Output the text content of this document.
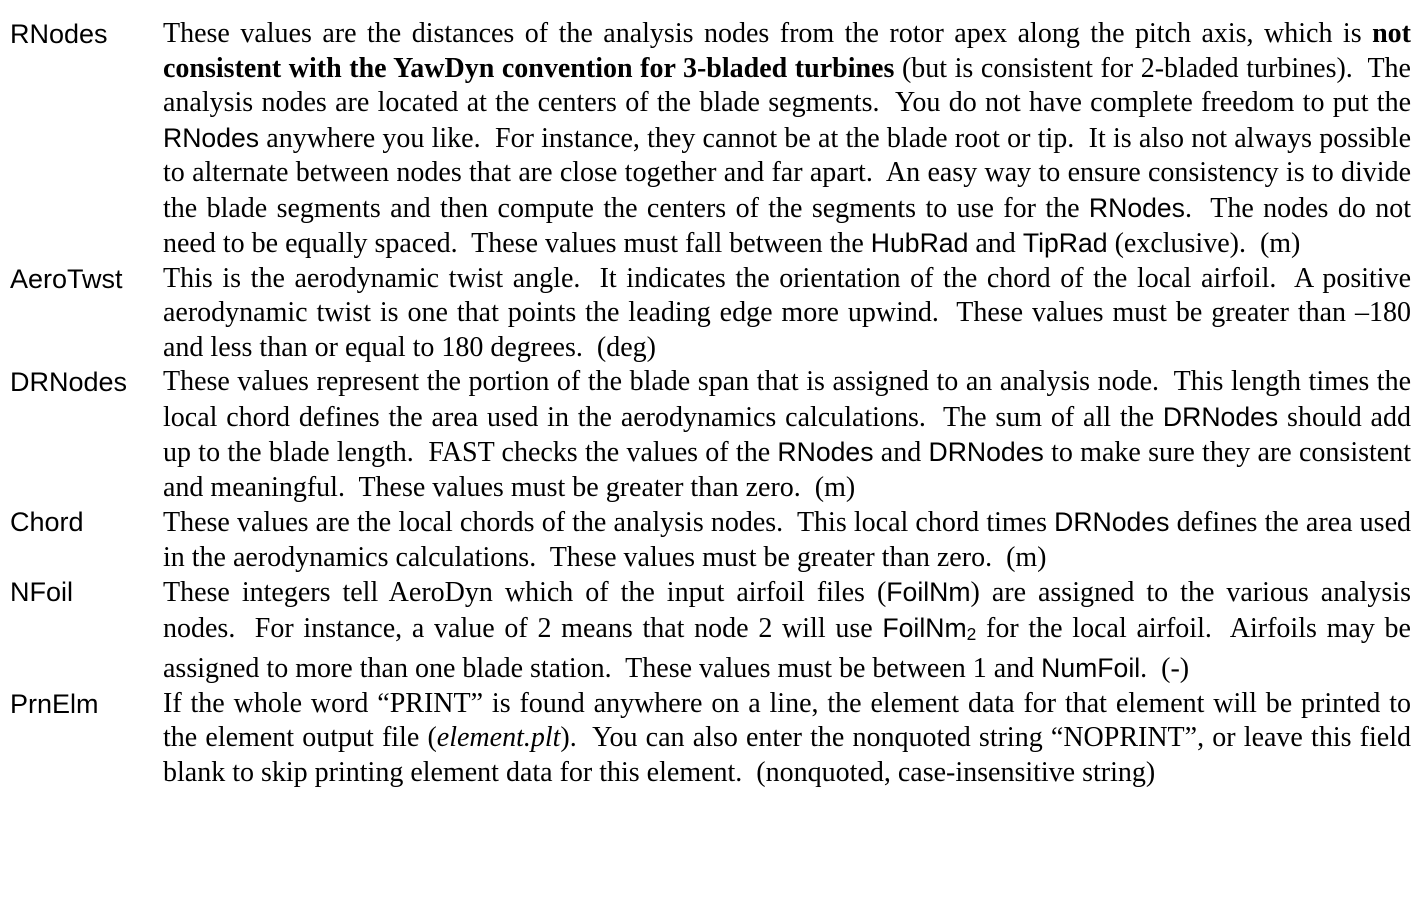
RNodes	These values are the distances of the analysis nodes from the rotor apex along the pitch axis, which is not consistent with the YawDyn convention for 3-bladed turbines (but is consistent for 2-bladed turbines).  The analysis nodes are located at the centers of the blade segments.  You do not have complete freedom to put the RNodes anywhere you like.  For instance, they cannot be at the blade root or tip.  It is also not always possible to alternate between nodes that are close together and far apart.  An easy way to ensure consistency is to divide the blade segments and then compute the centers of the segments to use for the RNodes.  The nodes do not need to be equally spaced.  These values must fall between the HubRad and TipRad (exclusive).  (m)
AeroTwst	This is the aerodynamic twist angle.  It indicates the orientation of the chord of the local airfoil.  A positive aerodynamic twist is one that points the leading edge more upwind.  These values must be greater than –180 and less than or equal to 180 degrees.  (deg)
DRNodes	These values represent the portion of the blade span that is assigned to an analysis node.  This length times the local chord defines the area used in the aerodynamics calculations.  The sum of all the DRNodes should add up to the blade length.  FAST checks the values of the RNodes and DRNodes to make sure they are consistent and meaningful.  These values must be greater than zero.  (m)
Chord	These values are the local chords of the analysis nodes.  This local chord times DRNodes defines the area used in the aerodynamics calculations.  These values must be greater than zero.  (m)
NFoil	These integers tell AeroDyn which of the input airfoil files (FoilNm) are assigned to the various analysis nodes.  For instance, a value of 2 means that node 2 will use FoilNm2 for the local airfoil.  Airfoils may be assigned to more than one blade station.  These values must be between 1 and NumFoil.  (-)
PrnElm	If the whole word “PRINT” is found anywhere on a line, the element data for that element will be printed to the element output file (element.plt).  You can also enter the nonquoted string “NOPRINT”, or leave this field blank to skip printing element data for this element.  (nonquoted, case-insensitive string)
